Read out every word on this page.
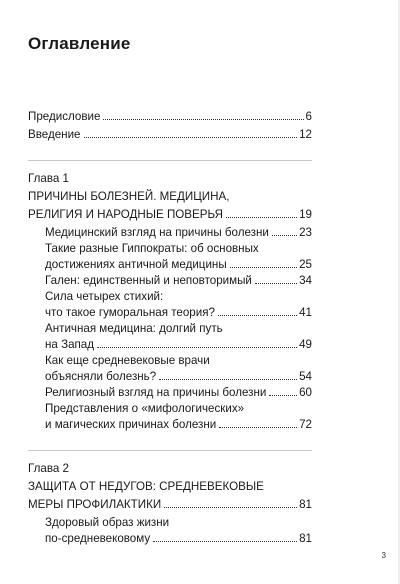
Оглавление
Предисловие	6
Введение	12
Глава 1
ПРИЧИНЫ БОЛЕЗНЕЙ. МЕДИЦИНА,
РЕЛИГИЯ И НАРОДНЫЕ ПОВЕРЬЯ	19
Медицинский взгляд на причины болезни	23
Такие разные Гиппократы: об основных
достижениях античной медицины	25
Гален: единственный и неповторимый	34
Сила четырех стихий:
что такое гуморальная теория?	41
Античная медицина: долгий путь
на Запад	49
Как еще средневековые врачи
объясняли болезнь?	54
Религиозный взгляд на причины болезни	60
Представления о «мифологических»
и магических причинах болезни	72
Глава 2
ЗАЩИТА ОТ НЕДУГОВ: СРЕДНЕВЕКОВЫЕ
МЕРЫ ПРОФИЛАКТИКИ	81
Здоровый образ жизни
по-средневековому	81
3
